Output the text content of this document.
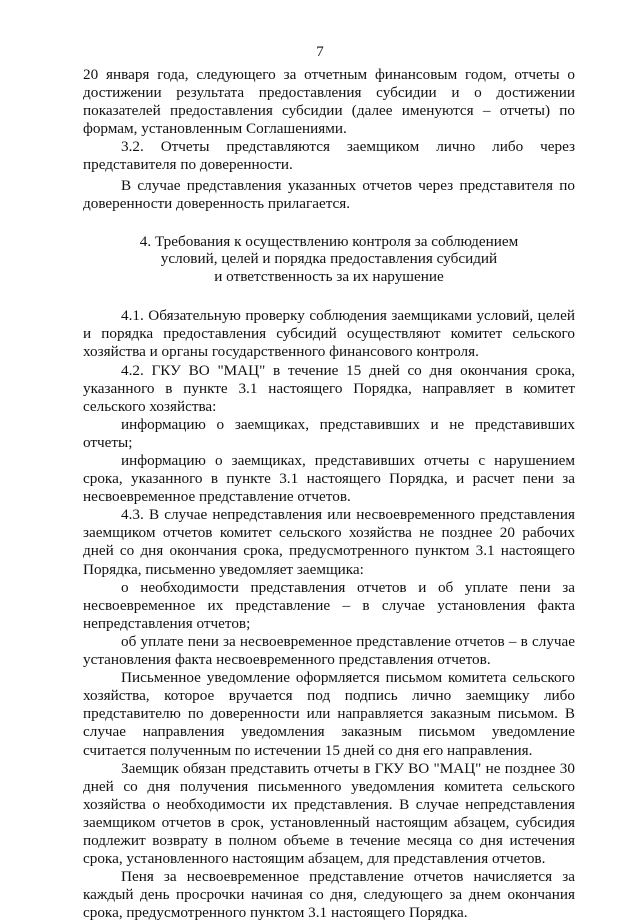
7

20 января года, следующего за отчетным финансовым годом, отчеты о достижении результата предоставления субсидии и о достижении показателей предоставления субсидии (далее именуются – отчеты) по формам, установленным Соглашениями.

3.2. Отчеты представляются заемщиком лично либо через представителя по доверенности.

В случае представления указанных отчетов через представителя по доверенности доверенность прилагается.

4. Требования к осуществлению контроля за соблюдением
условий, целей и порядка предоставления субсидий
и ответственность за их нарушение

4.1. Обязательную проверку соблюдения заемщиками условий, целей и порядка предоставления субсидий осуществляют комитет сельского хозяйства и органы государственного финансового контроля.

4.2. ГКУ ВО "МАЦ" в течение 15 дней со дня окончания срока, указанного в пункте 3.1 настоящего Порядка, направляет в комитет сельского хозяйства:

информацию о заемщиках, представивших и не представивших отчеты;

информацию о заемщиках, представивших отчеты с нарушением срока, указанного в пункте 3.1 настоящего Порядка, и расчет пени за несвоевременное представление отчетов.

4.3. В случае непредставления или несвоевременного представления заемщиком отчетов комитет сельского хозяйства не позднее 20 рабочих дней со дня окончания срока, предусмотренного пунктом 3.1 настоящего Порядка, письменно уведомляет заемщика:

о необходимости представления отчетов и об уплате пени за несвоевременное их представление – в случае установления факта непредставления отчетов;

об уплате пени за несвоевременное представление отчетов – в случае установления факта несвоевременного представления отчетов.

Письменное уведомление оформляется письмом комитета сельского хозяйства, которое вручается под подпись лично заемщику либо представителю по доверенности или направляется заказным письмом. В случае направления уведомления заказным письмом уведомление считается полученным по истечении 15 дней со дня его направления.

Заемщик обязан представить отчеты в ГКУ ВО "МАЦ" не позднее 30 дней со дня получения письменного уведомления комитета сельского хозяйства о необходимости их представления. В случае непредставления заемщиком отчетов в срок, установленный настоящим абзацем, субсидия подлежит возврату в полном объеме в течение месяца со дня истечения срока, установленного настоящим абзацем, для представления отчетов.

Пеня за несвоевременное представление отчетов начисляется за каждый день просрочки начиная со дня, следующего за днем окончания срока, предусмотренного пунктом 3.1 настоящего Порядка.
